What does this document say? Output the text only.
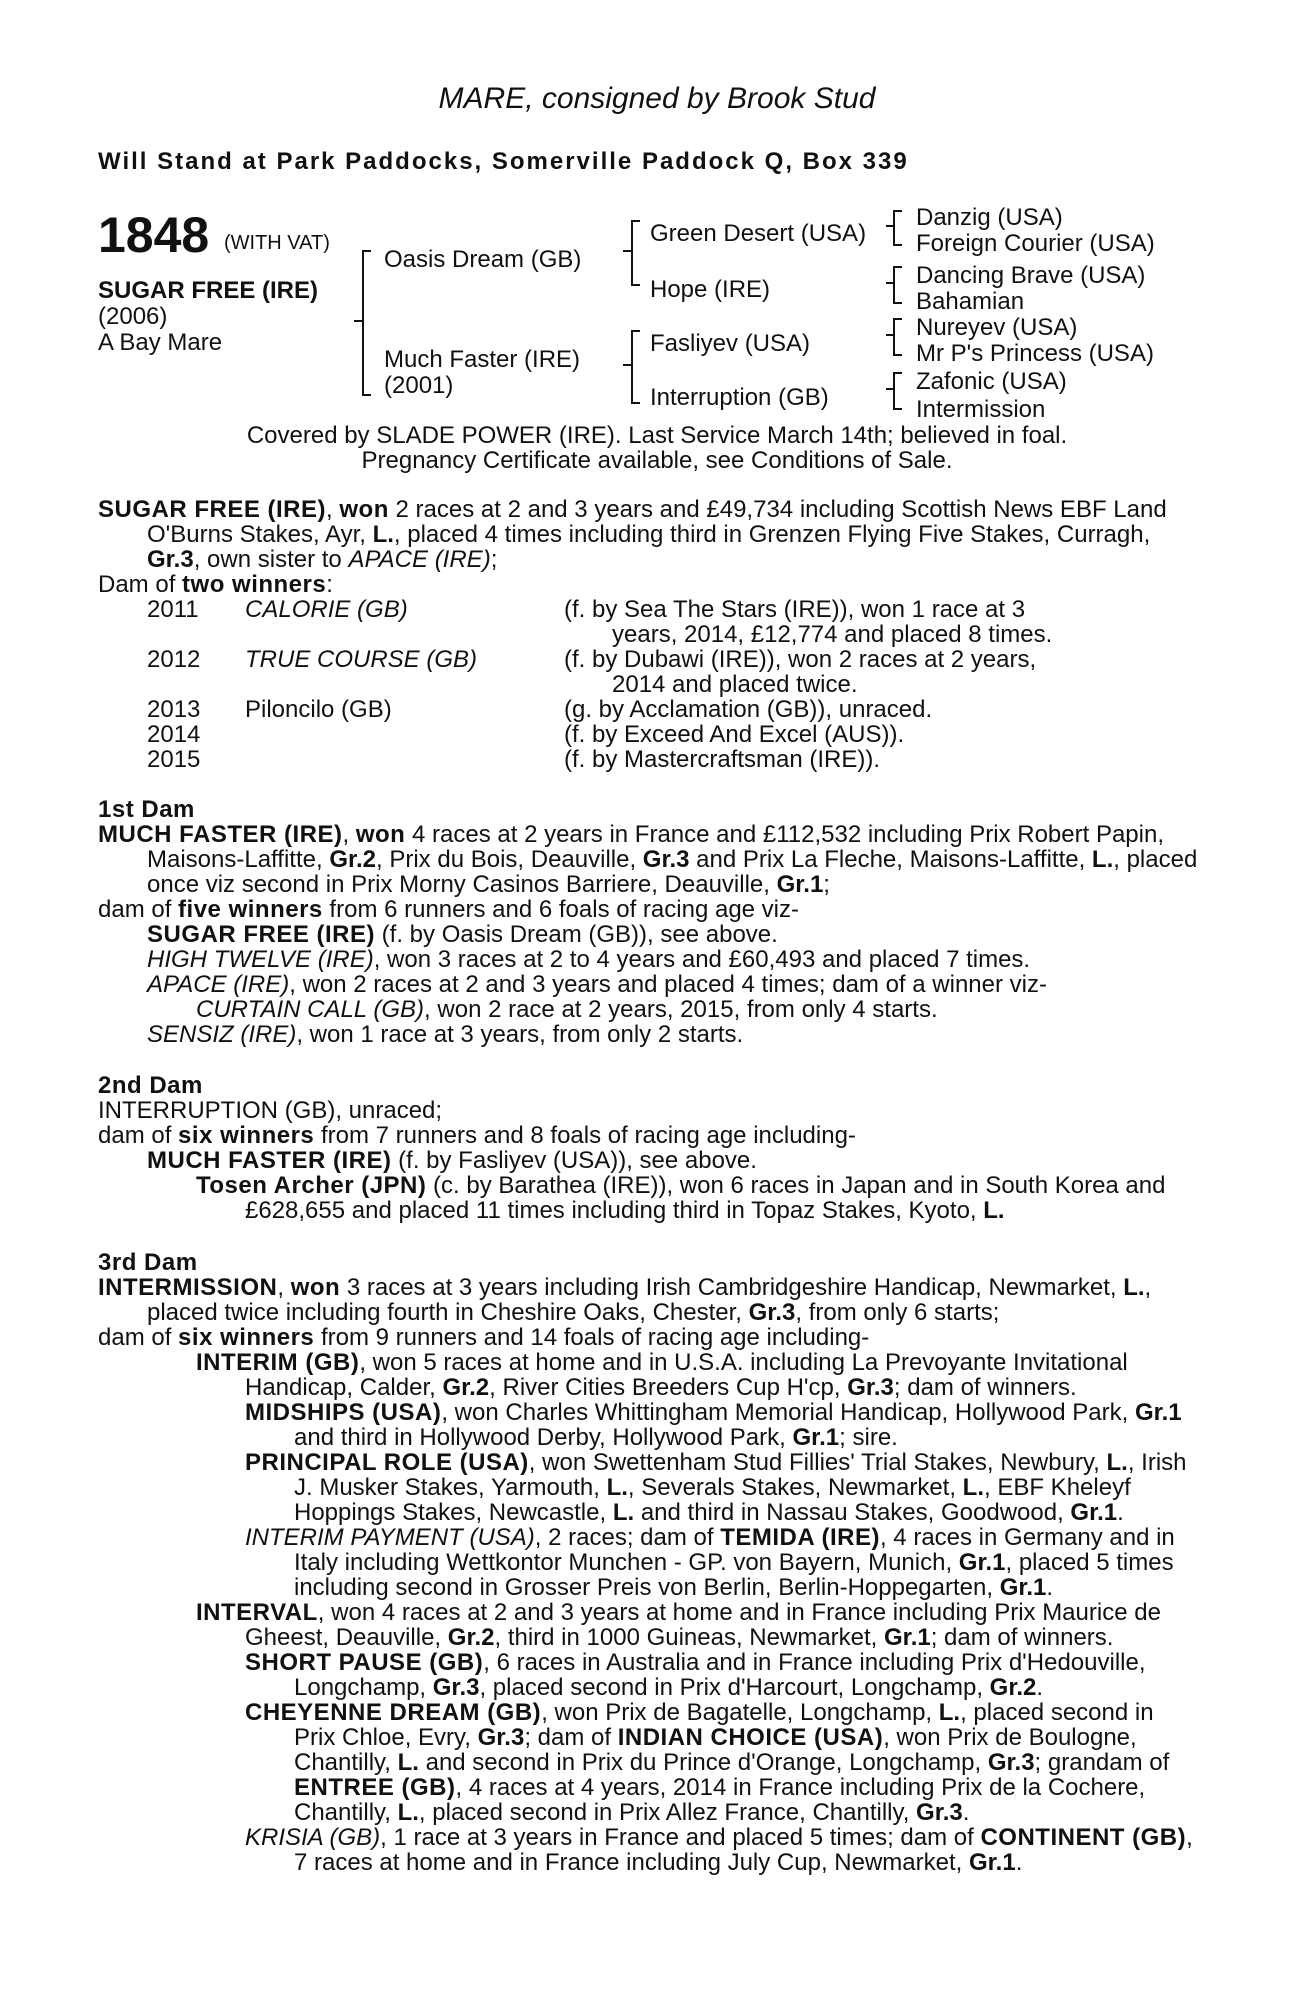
MARE, consigned by Brook Stud
Will Stand at Park Paddocks, Somerville Paddock Q, Box 339
1848 (WITH VAT)
SUGAR FREE (IRE)
(2006)
A Bay Mare
Oasis Dream (GB)
Much Faster (IRE)
(2001)
Green Desert (USA)
Hope (IRE)
Fasliyev (USA)
Interruption (GB)
Danzig (USA)
Foreign Courier (USA)
Dancing Brave (USA)
Bahamian
Nureyev (USA)
Mr P's Princess (USA)
Zafonic (USA)
Intermission
Covered by SLADE POWER (IRE). Last Service March 14th; believed in foal.
Pregnancy Certificate available, see Conditions of Sale.

SUGAR FREE (IRE), won 2 races at 2 and 3 years and £49,734 including Scottish News EBF Land O'Burns Stakes, Ayr, L., placed 4 times including third in Grenzen Flying Five Stakes, Curragh, Gr.3, own sister to APACE (IRE);

Dam of two winners:

2011 CALORIE (GB)	(f. by Sea The Stars (IRE)), won 1 race at 3
years, 2014, £12,774 and placed 8 times.
2012 TRUE COURSE (GB)	(f. by Dubawi (IRE)), won 2 races at 2 years,
2014 and placed twice.
2013 Piloncilo (GB)	(g. by Acclamation (GB)), unraced.
2014	(f. by Exceed And Excel (AUS)).
2015	(f. by Mastercraftsman (IRE)).

1st Dam

MUCH FASTER (IRE), won 4 races at 2 years in France and £112,532 including Prix Robert Papin, Maisons-Laffitte, Gr.2, Prix du Bois, Deauville, Gr.3 and Prix La Fleche, Maisons-Laffitte, L., placed once viz second in Prix Morny Casinos Barriere, Deauville, Gr.1;

dam of five winners from 6 runners and 6 foals of racing age viz-

SUGAR FREE (IRE) (f. by Oasis Dream (GB)), see above.

HIGH TWELVE (IRE), won 3 races at 2 to 4 years and £60,493 and placed 7 times.

APACE (IRE), won 2 races at 2 and 3 years and placed 4 times; dam of a winner viz-

CURTAIN CALL (GB), won 2 race at 2 years, 2015, from only 4 starts.

SENSIZ (IRE), won 1 race at 3 years, from only 2 starts.

2nd Dam

INTERRUPTION (GB), unraced;

dam of six winners from 7 runners and 8 foals of racing age including-

MUCH FASTER (IRE) (f. by Fasliyev (USA)), see above.

Tosen Archer (JPN) (c. by Barathea (IRE)), won 6 races in Japan and in South Korea and £628,655 and placed 11 times including third in Topaz Stakes, Kyoto, L.

3rd Dam

INTERMISSION, won 3 races at 3 years including Irish Cambridgeshire Handicap, Newmarket, L., placed twice including fourth in Cheshire Oaks, Chester, Gr.3, from only 6 starts;

dam of six winners from 9 runners and 14 foals of racing age including-

INTERIM (GB), won 5 races at home and in U.S.A. including La Prevoyante Invitational Handicap, Calder, Gr.2, River Cities Breeders Cup H'cp, Gr.3; dam of winners.

MIDSHIPS (USA), won Charles Whittingham Memorial Handicap, Hollywood Park, Gr.1 and third in Hollywood Derby, Hollywood Park, Gr.1; sire.

PRINCIPAL ROLE (USA), won Swettenham Stud Fillies' Trial Stakes, Newbury, L., Irish J. Musker Stakes, Yarmouth, L., Severals Stakes, Newmarket, L., EBF Kheleyf Hoppings Stakes, Newcastle, L. and third in Nassau Stakes, Goodwood, Gr.1.

INTERIM PAYMENT (USA), 2 races; dam of TEMIDA (IRE), 4 races in Germany and in Italy including Wettkontor Munchen - GP. von Bayern, Munich, Gr.1, placed 5 times including second in Grosser Preis von Berlin, Berlin-Hoppegarten, Gr.1.

INTERVAL, won 4 races at 2 and 3 years at home and in France including Prix Maurice de Gheest, Deauville, Gr.2, third in 1000 Guineas, Newmarket, Gr.1; dam of winners.

SHORT PAUSE (GB), 6 races in Australia and in France including Prix d'Hedouville, Longchamp, Gr.3, placed second in Prix d'Harcourt, Longchamp, Gr.2.

CHEYENNE DREAM (GB), won Prix de Bagatelle, Longchamp, L., placed second in Prix Chloe, Evry, Gr.3; dam of INDIAN CHOICE (USA), won Prix de Boulogne, Chantilly, L. and second in Prix du Prince d'Orange, Longchamp, Gr.3; grandam of ENTREE (GB), 4 races at 4 years, 2014 in France including Prix de la Cochere, Chantilly, L., placed second in Prix Allez France, Chantilly, Gr.3.

KRISIA (GB), 1 race at 3 years in France and placed 5 times; dam of CONTINENT (GB), 7 races at home and in France including July Cup, Newmarket, Gr.1.
